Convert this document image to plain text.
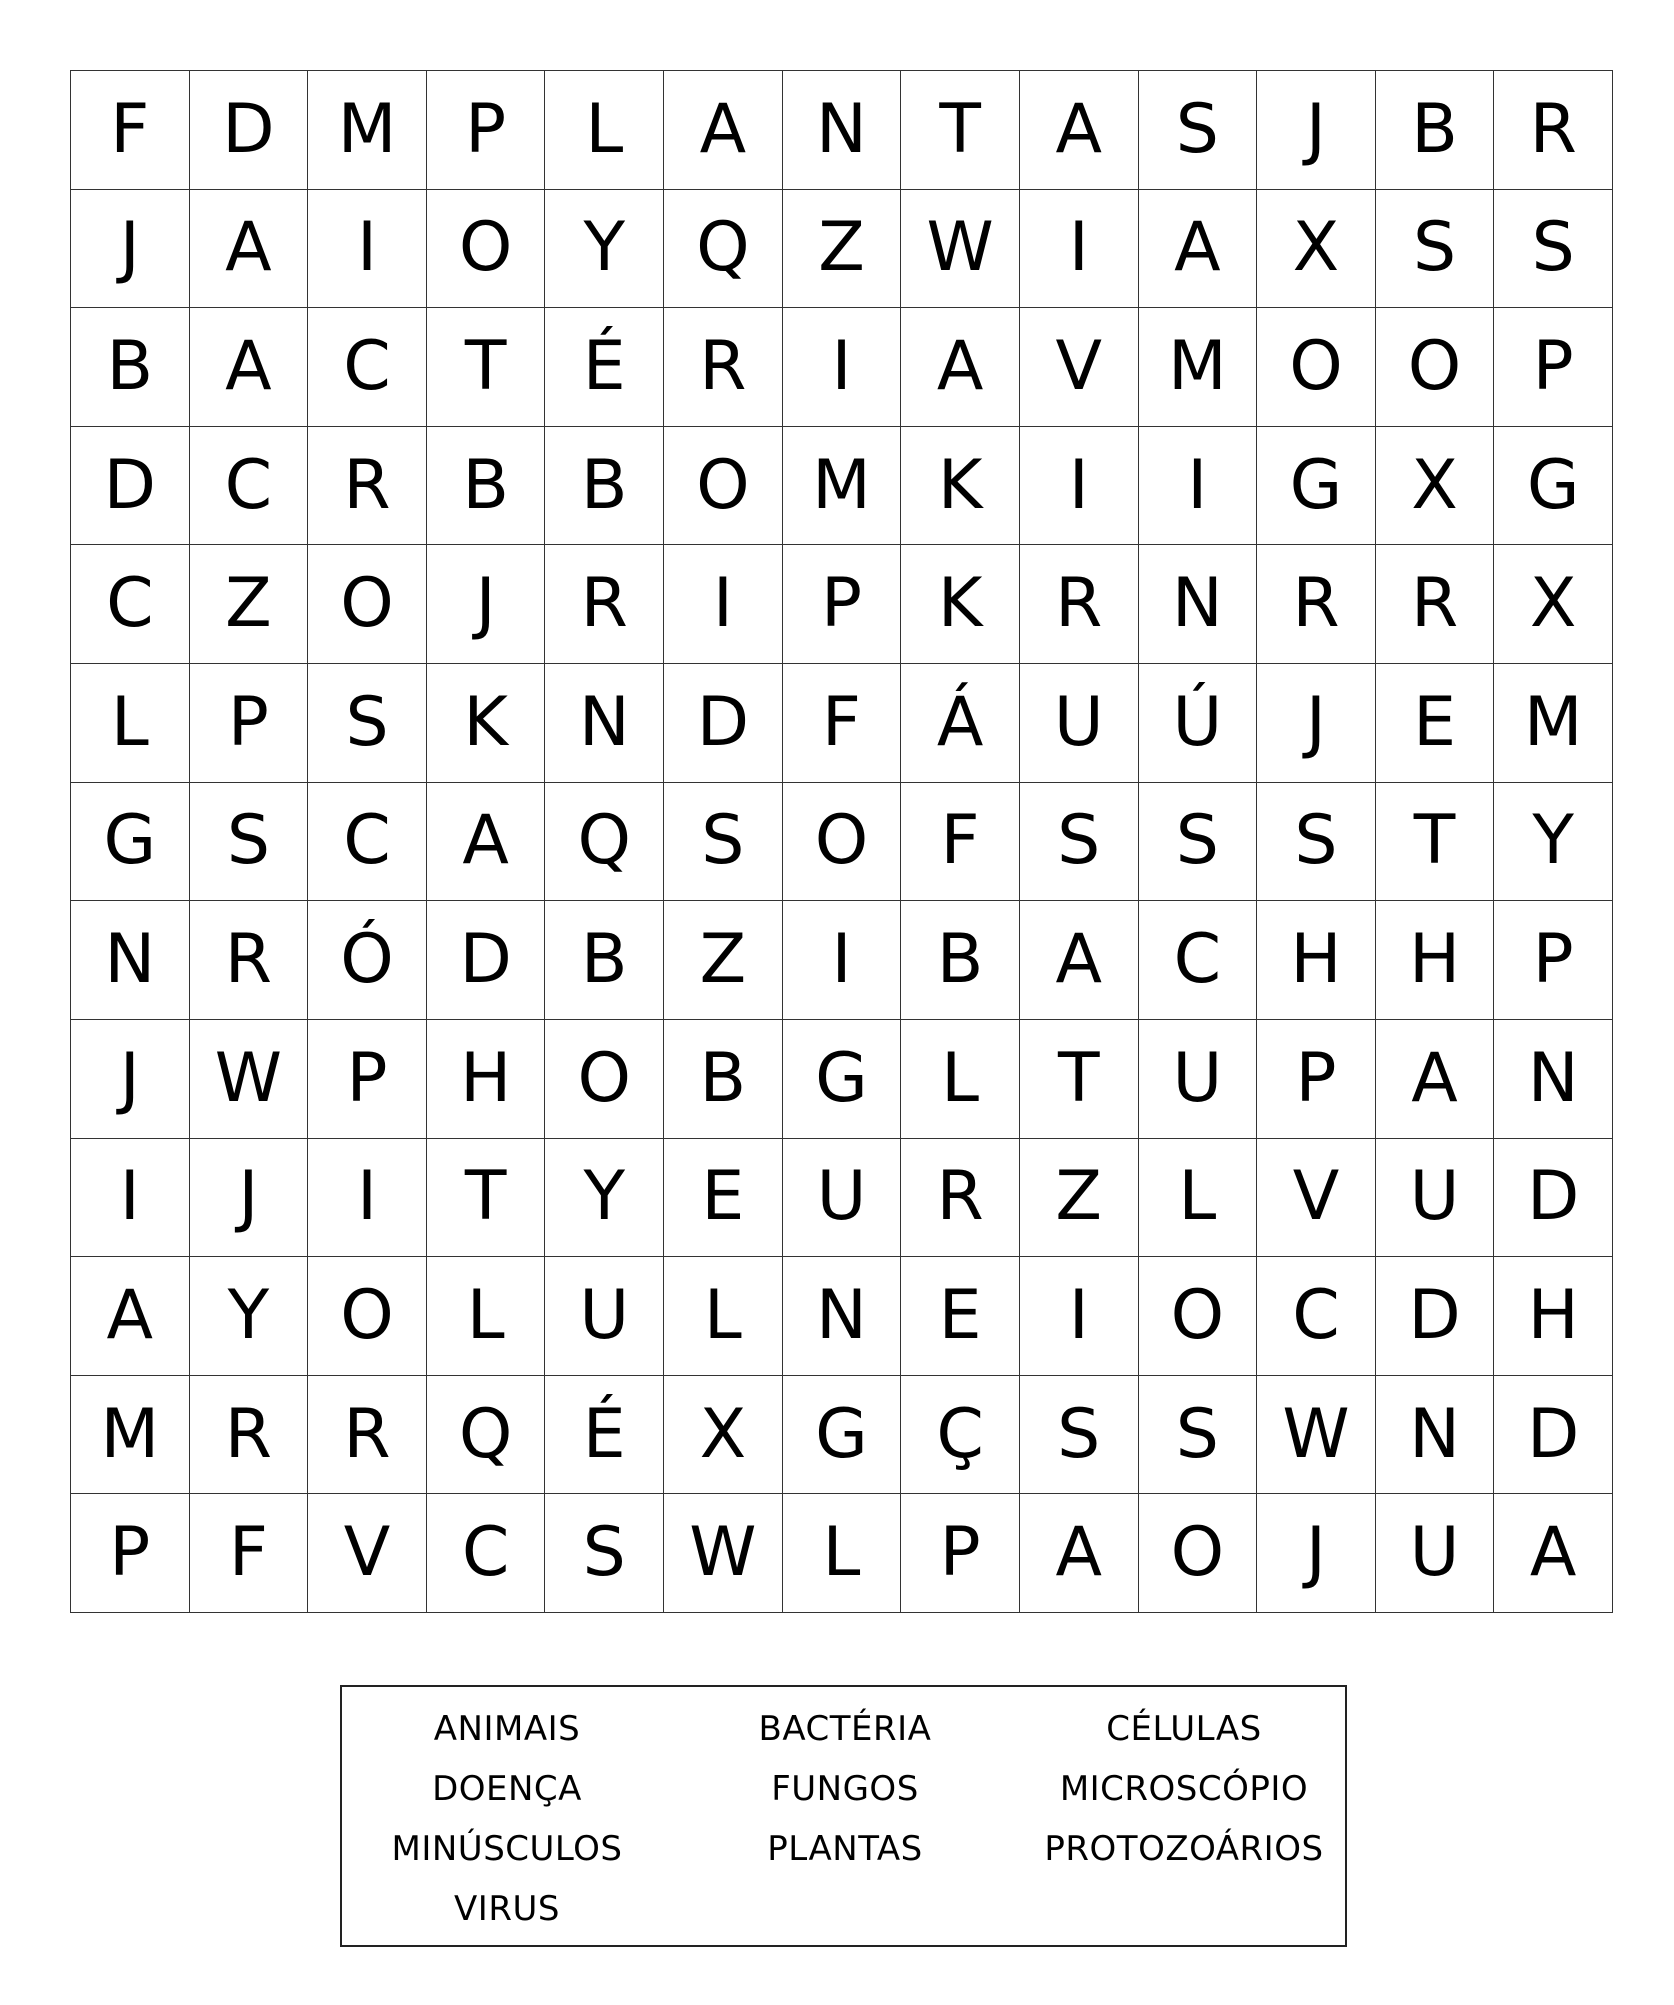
F	D M	P	L	A	N	T	A	S	J	B	R
J	A	I	O	Y	Q	Z W	I	A	X	S	S
B	A	C	T	É	R	I	A	V M O O	P
D	C	R	B	B	O M K	I	I	G	X	G
C	Z	O	J	R	I	P	K	R	N	R	R	X
L	P	S	K	N D	F	Á	U	Ú	J	E M
G	S	C	A	Q	S	O	F	S	S	S	T	Y
N	R	Ó D	B	Z	I	B	A	C	H H	P
J	W P	H O	B	G	L	T	U	P	A	N
I	J	I	T	Y	E	U	R	Z	L	V	U D
A	Y	O	L	U	L	N	E	I	O	C	D H
M R	R	Q	É	X	G	Ç	S	S W N D
P	F	V	C	S W L	P	A	O	J	U	A
ANIMAIS
DOENÇA
MINÚSCULOS
VIRUS
BACTÉRIA
FUNGOS
PLANTAS
CÉLULAS
MICROSCÓPIO
PROTOZOÁRIOS
